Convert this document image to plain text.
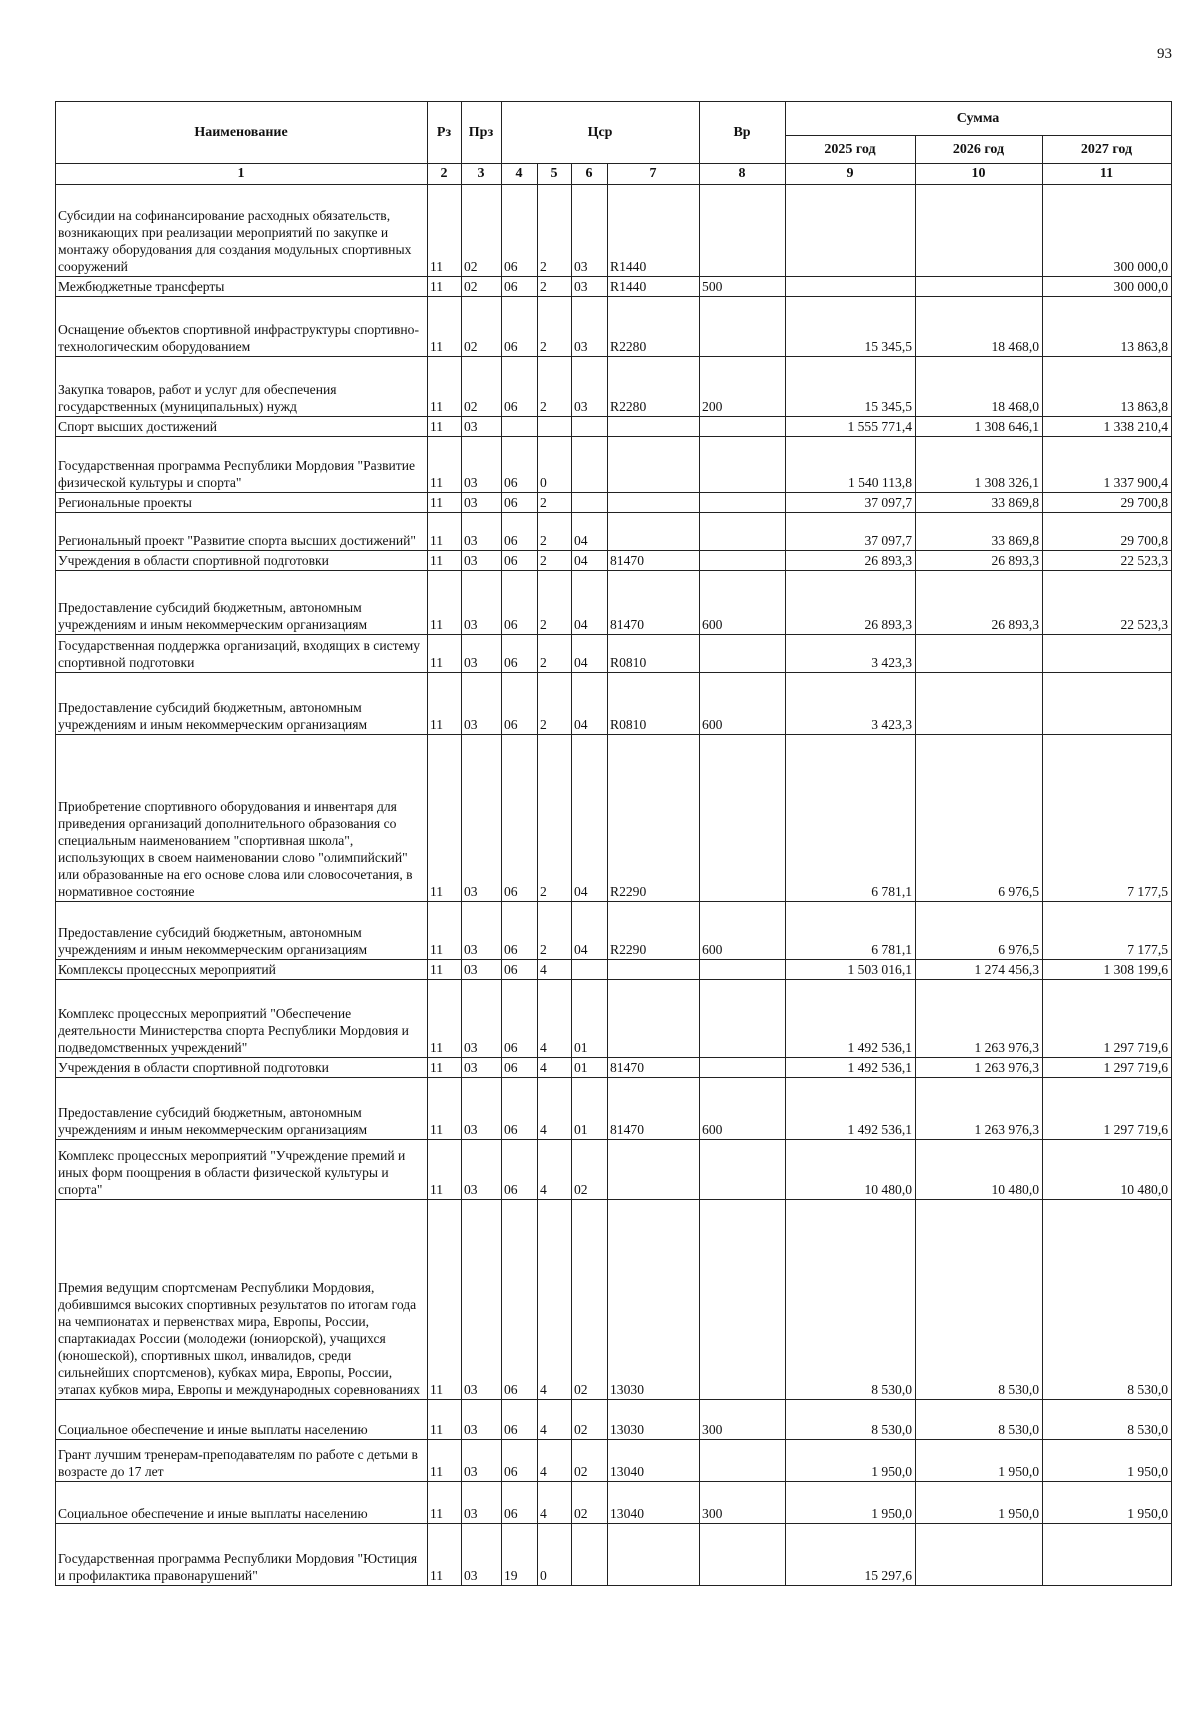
93
Наименование	Рз	Прз	Цср				Вр	Сумма		
								2025 год	2026 год	2027 год
1	2	3	4	5	6	7	8	9	10	11
Субсидии на софинансирование расходных обязательств, возникающих при реализации мероприятий по закупке и монтажу оборудования для создания модульных спортивных сооружений	11	02	06	2	03	R1440				300 000,0
Межбюджетные трансферты	11	02	06	2	03	R1440	500			300 000,0
Оснащение объектов спортивной инфраструктуры спортивно-технологическим оборудованием	11	02	06	2	03	R2280		15 345,5	18 468,0	13 863,8
Закупка товаров, работ и услуг для обеспечения государственных (муниципальных) нужд	11	02	06	2	03	R2280	200	15 345,5	18 468,0	13 863,8
Спорт высших достижений	11	03						1 555 771,4	1 308 646,1	1 338 210,4
Государственная программа Республики Мордовия "Развитие физической культуры и спорта"	11	03	06	0				1 540 113,8	1 308 326,1	1 337 900,4
Региональные проекты	11	03	06	2				37 097,7	33 869,8	29 700,8
Региональный проект "Развитие спорта высших достижений"	11	03	06	2	04			37 097,7	33 869,8	29 700,8
Учреждения в области спортивной подготовки	11	03	06	2	04	81470		26 893,3	26 893,3	22 523,3
Предоставление субсидий бюджетным, автономным учреждениям и иным некоммерческим организациям	11	03	06	2	04	81470	600	26 893,3	26 893,3	22 523,3
Государственная поддержка организаций, входящих в систему спортивной подготовки	11	03	06	2	04	R0810		3 423,3		
Предоставление субсидий бюджетным, автономным учреждениям и иным некоммерческим организациям	11	03	06	2	04	R0810	600	3 423,3		
Приобретение спортивного оборудования и инвентаря для приведения организаций дополнительного образования со специальным наименованием "спортивная школа", использующих в своем наименовании слово "олимпийский" или образованные на его основе слова или словосочетания, в нормативное состояние	11	03	06	2	04	R2290		6 781,1	6 976,5	7 177,5
Предоставление субсидий бюджетным, автономным учреждениям и иным некоммерческим организациям	11	03	06	2	04	R2290	600	6 781,1	6 976,5	7 177,5
Комплексы процессных мероприятий	11	03	06	4				1 503 016,1	1 274 456,3	1 308 199,6
Комплекс процессных мероприятий "Обеспечение деятельности Министерства спорта Республики Мордовия и подведомственных учреждений"	11	03	06	4	01			1 492 536,1	1 263 976,3	1 297 719,6
Учреждения в области спортивной подготовки	11	03	06	4	01	81470		1 492 536,1	1 263 976,3	1 297 719,6
Предоставление субсидий бюджетным, автономным учреждениям и иным некоммерческим организациям	11	03	06	4	01	81470	600	1 492 536,1	1 263 976,3	1 297 719,6
Комплекс процессных мероприятий "Учреждение премий и иных форм поощрения в области физической культуры и спорта"	11	03	06	4	02			10 480,0	10 480,0	10 480,0
Премия ведущим спортсменам Республики Мордовия, добившимся высоких спортивных результатов по итогам года на чемпионатах и первенствах мира, Европы, России, спартакиадах России (молодежи (юниорской), учащихся (юношеской), спортивных школ, инвалидов, среди сильнейших спортсменов), кубках мира, Европы, России, этапах кубков мира, Европы и международных соревнованиях	11	03	06	4	02	13030		8 530,0	8 530,0	8 530,0
Социальное обеспечение и иные выплаты населению	11	03	06	4	02	13030	300	8 530,0	8 530,0	8 530,0
Грант лучшим тренерам-преподавателям по работе с детьми в возрасте до 17 лет	11	03	06	4	02	13040		1 950,0	1 950,0	1 950,0
Социальное обеспечение и иные выплаты населению	11	03	06	4	02	13040	300	1 950,0	1 950,0	1 950,0
Государственная программа Республики Мордовия "Юстиция и профилактика правонарушений"	11	03	19	0				15 297,6		
